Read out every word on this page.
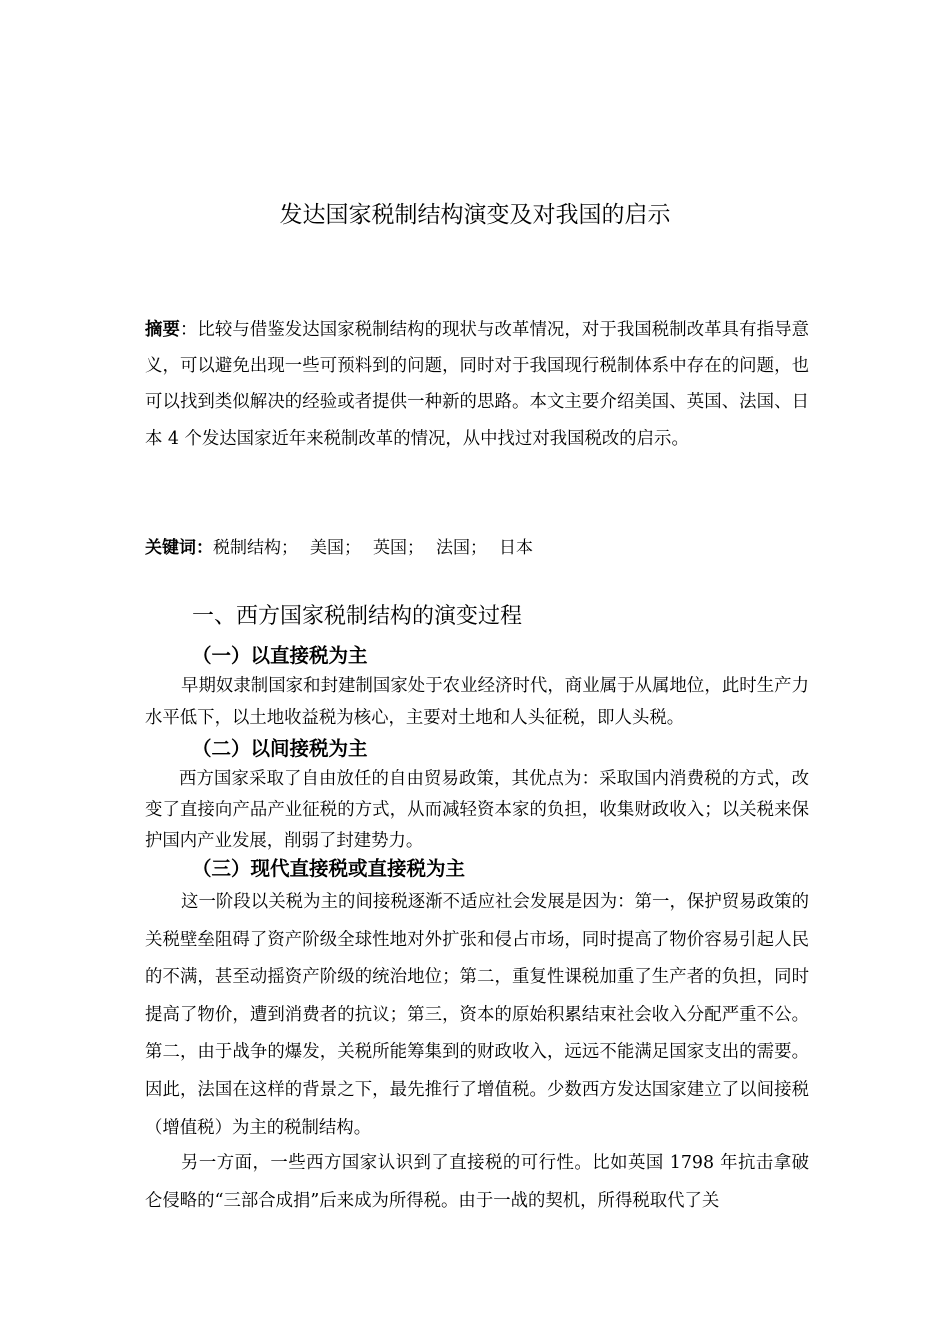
发达国家税制结构演变及对我国的启示
摘要：比较与借鉴发达国家税制结构的现状与改革情况，对于我国税制改革具有指导意义，可以避免出现一些可预料到的问题，同时对于我国现行税制体系中存在的问题，也可以找到类似解决的经验或者提供一种新的思路。本文主要介绍美国、英国、法国、日本 4 个发达国家近年来税制改革的情况，从中找过对我国税改的启示。
关键词：税制结构； 美国； 英国； 法国； 日本
一、西方国家税制结构的演变过程
（一）以直接税为主
早期奴隶制国家和封建制国家处于农业经济时代，商业属于从属地位，此时生产力水平低下，以土地收益税为核心，主要对土地和人头征税，即人头税。
（二）以间接税为主
西方国家采取了自由放任的自由贸易政策，其优点为：采取国内消费税的方式，改变了直接向产品产业征税的方式，从而减轻资本家的负担，收集财政收入；以关税来保护国内产业发展，削弱了封建势力。
（三）现代直接税或直接税为主
这一阶段以关税为主的间接税逐渐不适应社会发展是因为：第一，保护贸易政策的关税壁垒阻碍了资产阶级全球性地对外扩张和侵占市场，同时提高了物价容易引起人民的不满，甚至动摇资产阶级的统治地位；第二，重复性课税加重了生产者的负担，同时提高了物价，遭到消费者的抗议；第三，资本的原始积累结束社会收入分配严重不公。第二，由于战争的爆发，关税所能筹集到的财政收入，远远不能满足国家支出的需要。因此，法国在这样的背景之下，最先推行了增值税。少数西方发达国家建立了以间接税（增值税）为主的税制结构。
另一方面，一些西方国家认识到了直接税的可行性。比如英国 1798 年抗击拿破仑侵略的“三部合成捐”后来成为所得税。由于一战的契机，所得税取代了关
